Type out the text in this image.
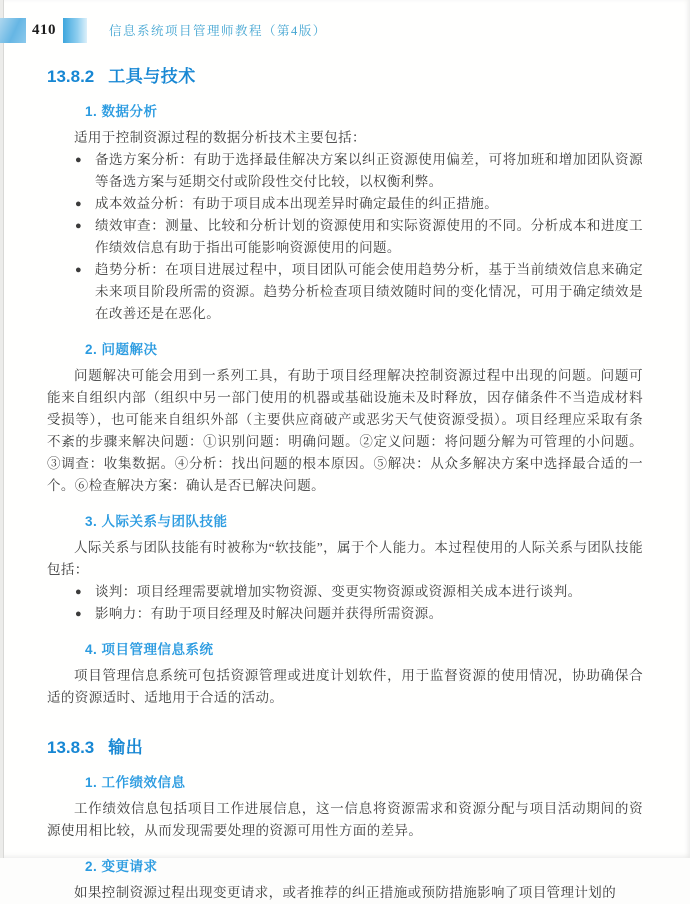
410	信息系统项目管理师教程（第4版）
13.8.2 工具与技术
1. 数据分析

适用于控制资源过程的数据分析技术主要包括：

● 备选方案分析：有助于选择最佳解决方案以纠正资源使用偏差，可将加班和增加团队资源等备选方案与延期交付或阶段性交付比较，以权衡利弊。
● 成本效益分析：有助于项目成本出现差异时确定最佳的纠正措施。
● 绩效审查：测量、比较和分析计划的资源使用和实际资源使用的不同。分析成本和进度工作绩效信息有助于指出可能影响资源使用的问题。
● 趋势分析：在项目进展过程中，项目团队可能会使用趋势分析，基于当前绩效信息来确定未来项目阶段所需的资源。趋势分析检查项目绩效随时间的变化情况，可用于确定绩效是在改善还是在恶化。
2. 问题解决

问题解决可能会用到一系列工具，有助于项目经理解决控制资源过程中出现的问题。问题可能来自组织内部（组织中另一部门使用的机器或基础设施未及时释放，因存储条件不当造成材料受损等），也可能来自组织外部（主要供应商破产或恶劣天气使资源受损）。项目经理应采取有条不紊的步骤来解决问题：①识别问题：明确问题。②定义问题：将问题分解为可管理的小问题。③调查：收集数据。④分析：找出问题的根本原因。⑤解决：从众多解决方案中选择最合适的一个。⑥检查解决方案：确认是否已解决问题。

3. 人际关系与团队技能

人际关系与团队技能有时被称为“软技能”，属于个人能力。本过程使用的人际关系与团队技能包括：

● 谈判：项目经理需要就增加实物资源、变更实物资源或资源相关成本进行谈判。
● 影响力：有助于项目经理及时解决问题并获得所需资源。
4. 项目管理信息系统

项目管理信息系统可包括资源管理或进度计划软件，用于监督资源的使用情况，协助确保合适的资源适时、适地用于合适的活动。

13.8.3 输出
1. 工作绩效信息

工作绩效信息包括项目工作进展信息，这一信息将资源需求和资源分配与项目活动期间的资源使用相比较，从而发现需要处理的资源可用性方面的差异。

2. 变更请求

如果控制资源过程出现变更请求，或者推荐的纠正措施或预防措施影响了项目管理计划的
